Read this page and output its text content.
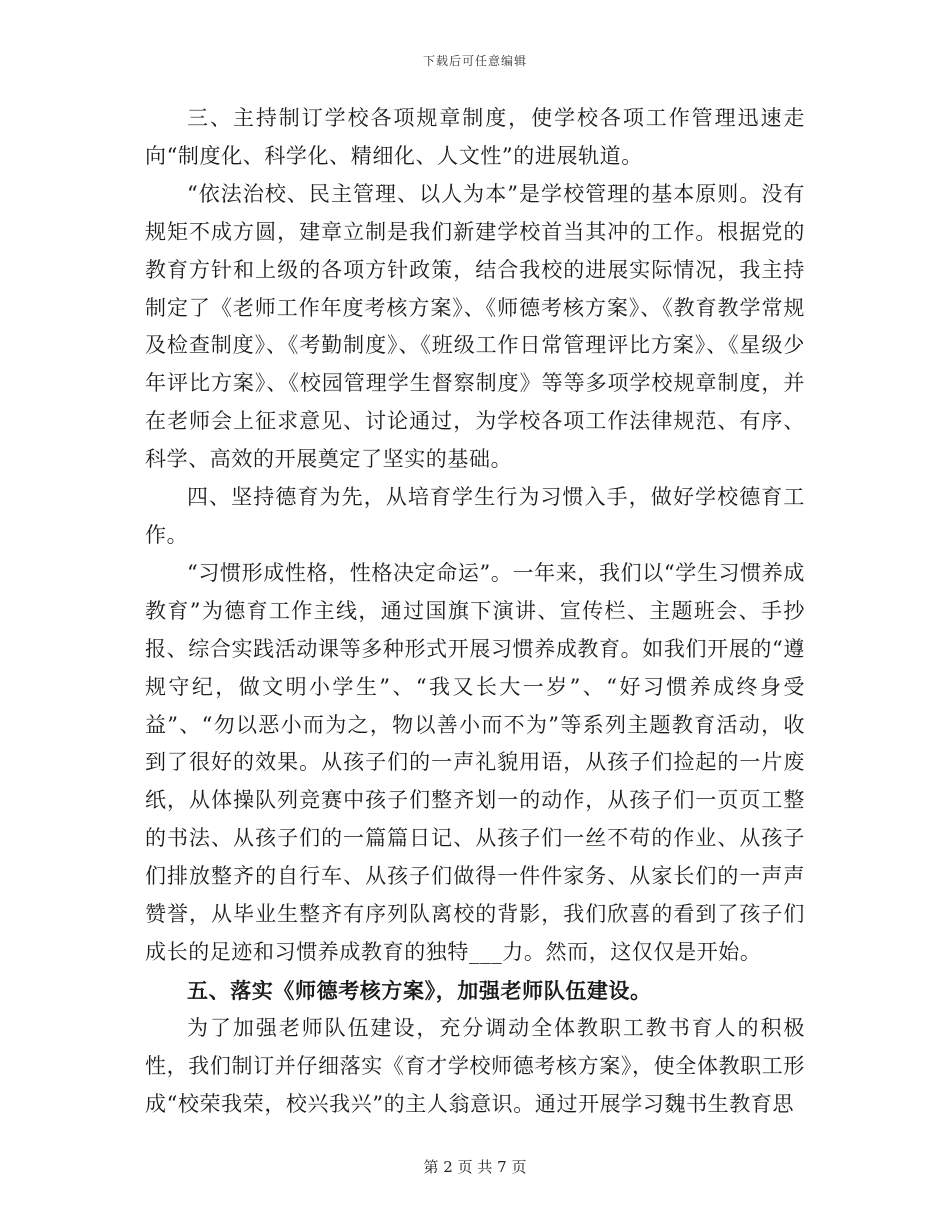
下载后可任意编辑

三、主持制订学校各项规章制度，使学校各项工作管理迅速走向“制度化、科学化、精细化、人文性”的进展轨道。

“依法治校、民主管理、以人为本”是学校管理的基本原则。没有规矩不成方圆，建章立制是我们新建学校首当其冲的工作。根据党的教育方针和上级的各项方针政策，结合我校的进展实际情况，我主持制定了《老师工作年度考核方案》、《师德考核方案》、《教育教学常规及检查制度》、《考勤制度》、《班级工作日常管理评比方案》、《星级少年评比方案》、《校园管理学生督察制度》等等多项学校规章制度，并在老师会上征求意见、讨论通过，为学校各项工作法律规范、有序、科学、高效的开展奠定了坚实的基础。

四、坚持德育为先，从培育学生行为习惯入手，做好学校德育工作。

“习惯形成性格，性格决定命运”。一年来，我们以“学生习惯养成教育”为德育工作主线，通过国旗下演讲、宣传栏、主题班会、手抄报、综合实践活动课等多种形式开展习惯养成教育。如我们开展的“遵规守纪，做文明小学生”、“我又长大一岁”、“好习惯养成终身受益”、“勿以恶小而为之，物以善小而不为”等系列主题教育活动，收到了很好的效果。从孩子们的一声礼貌用语，从孩子们捡起的一片废纸，从体操队列竞赛中孩子们整齐划一的动作，从孩子们一页页工整的书法、从孩子们的一篇篇日记、从孩子们一丝不苟的作业、从孩子们排放整齐的自行车、从孩子们做得一件件家务、从家长们的一声声赞誉，从毕业生整齐有序列队离校的背影，我们欣喜的看到了孩子们成长的足迹和习惯养成教育的独特___力。然而，这仅仅是开始。

五、落实《师德考核方案》，加强老师队伍建设。

为了加强老师队伍建设，充分调动全体教职工教书育人的积极性，我们制订并仔细落实《育才学校师德考核方案》，使全体教职工形成“校荣我荣，校兴我兴”的主人翁意识。通过开展学习魏书生教育思

第 2 页 共 7 页
